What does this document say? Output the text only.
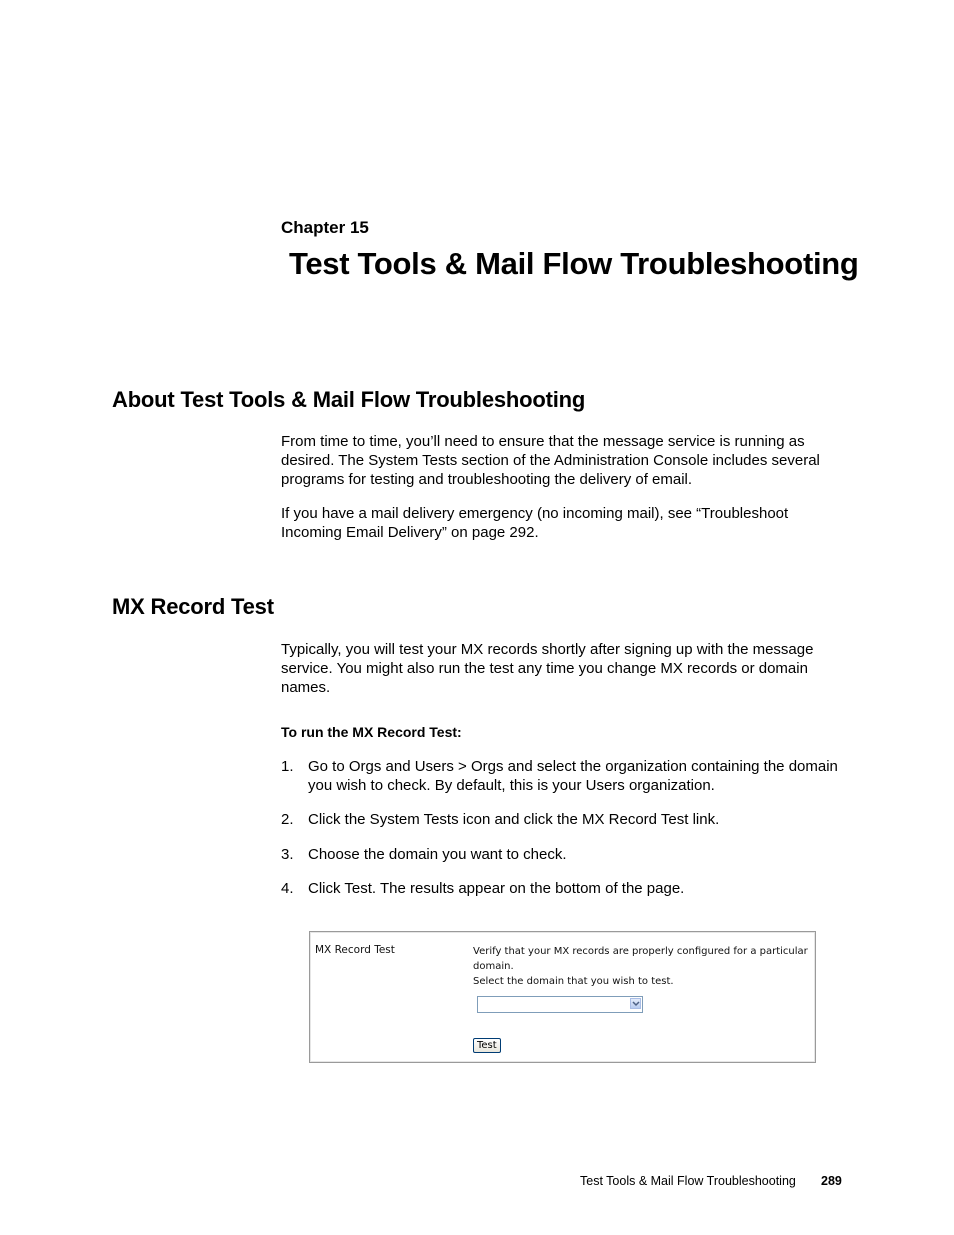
Chapter 15
Test Tools & Mail Flow Troubleshooting
About Test Tools & Mail Flow Troubleshooting

From time to time, you’ll need to ensure that the message service is running as desired. The System Tests section of the Administration Console includes several programs for testing and troubleshooting the delivery of email.

If you have a mail delivery emergency (no incoming mail), see “Troubleshoot Incoming Email Delivery” on page 292.

MX Record Test

Typically, you will test your MX records shortly after signing up with the message service. You might also run the test any time you change MX records or domain names.

To run the MX Record Test:
1. Go to Orgs and Users > Orgs and select the organization containing the domain you wish to check. By default, this is your Users organization.
2. Click the System Tests icon and click the MX Record Test link.
3. Choose the domain you want to check.
4. Click Test. The results appear on the bottom of the page.
MX Record Test	Verify that your MX records are properly configured for a particular domain.
Select the domain that you wish to test.
Test
Test Tools & Mail Flow Troubleshooting 289
